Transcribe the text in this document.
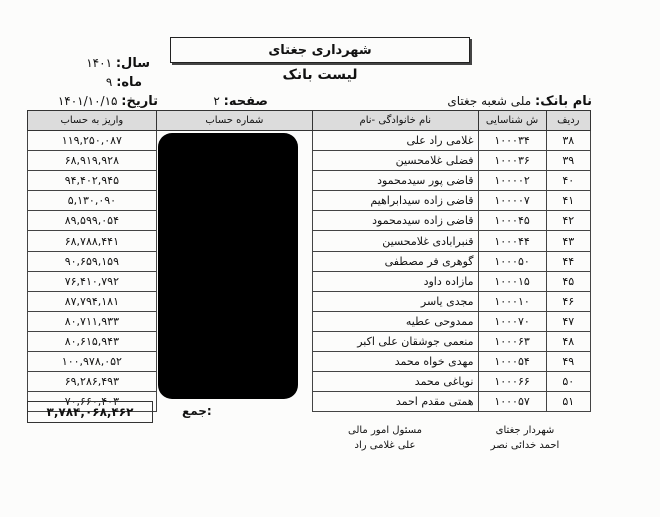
شهرداری جغتای
لیست بانک
سال: ۱۴۰۱
ماه: ۹
تاریخ: ۱۴۰۱/۱۰/۱۵	صفحه: ۲	نام بانک: ملی شعبه جغتای
ردیف	ش شناسایی	نام خانوادگی -نام	شماره حساب	واریز به حساب
۳۸	۱۰۰۰۳۴	غلامی راد علی		۱۱۹,۲۵۰,۰۸۷
۳۹	۱۰۰۰۳۶	فضلی غلامحسین		۶۸,۹۱۹,۹۲۸
۴۰	۱۰۰۰۰۲	قاضی پور سیدمحمود		۹۴,۴۰۲,۹۴۵
۴۱	۱۰۰۰۰۷	قاضی زاده سیدابراهیم		۵,۱۳۰,۰۹۰
۴۲	۱۰۰۰۴۵	قاضی زاده سیدمحمود		۸۹,۵۹۹,۰۵۴
۴۳	۱۰۰۰۴۴	قنبرابادی غلامحسین		۶۸,۷۸۸,۴۴۱
۴۴	۱۰۰۰۵۰	گوهری فر مصطفی		۹۰,۶۵۹,۱۵۹
۴۵	۱۰۰۰۱۵	مازاده داود		۷۶,۴۱۰,۷۹۲
۴۶	۱۰۰۰۱۰	مجدی یاسر		۸۷,۷۹۴,۱۸۱
۴۷	۱۰۰۰۷۰	ممدوحی عطیه		۸۰,۷۱۱,۹۳۳
۴۸	۱۰۰۰۶۳	منعمی جوشقان علی اکبر		۸۰,۶۱۵,۹۴۳
۴۹	۱۰۰۰۵۴	مهدی خواه محمد		۱۰۰,۹۷۸,۰۵۲
۵۰	۱۰۰۰۶۶	نوباغی محمد		۶۹,۲۸۶,۴۹۳
۵۱	۱۰۰۰۵۷	همتی مقدم احمد		۷۰,۶۶۰,۴۰۳
۳,۷۸۴,۰۶۸,۴۶۲	جمع:
شهردار جغتای
احمد خدائی نصر
مسئول امور مالی
علی غلامی راد
